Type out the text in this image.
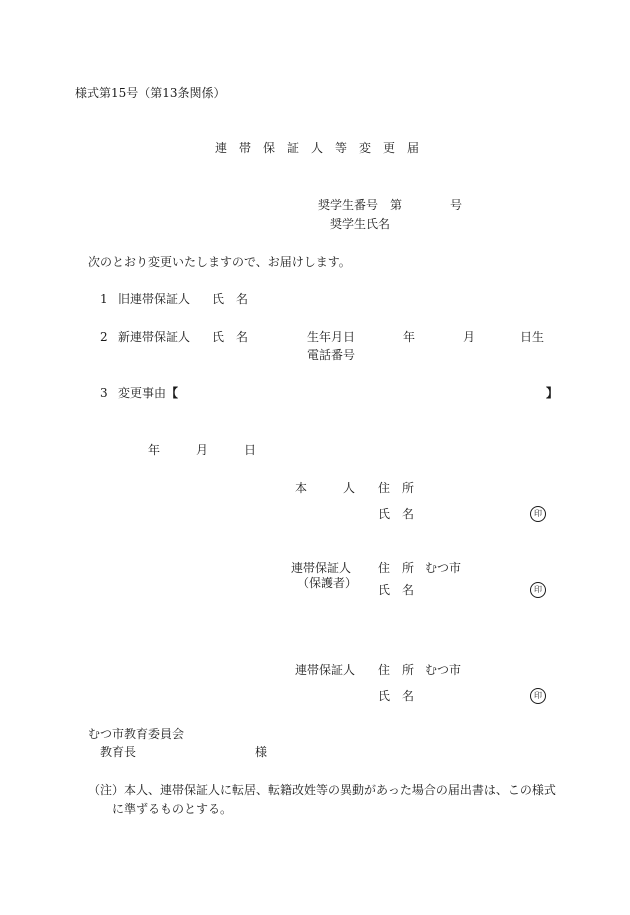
様式第15号（第13条関係）
連　帯　保　証　人　等　変　更　届
奨学生番号 第	号
奨学生氏名
次のとおり変更いたしますので、お届けします。
1 旧連帯保証人 氏　名
2 新連帯保証人 氏　名	生年月日	年	月	日生
電話番号
3 変更事由 【	】
年	月	日
本	人 住　所
氏　名	印
連帯保証人
（保護者）
住　所 むつ市
氏　名	印
連帯保証人 住　所 むつ市
氏　名	印
むつ市教育委員会
教育長	様
（注） 本人、連帯保証人に転居、転籍改姓等の異動があった場合の届出書は、この様式
に準ずるものとする。
